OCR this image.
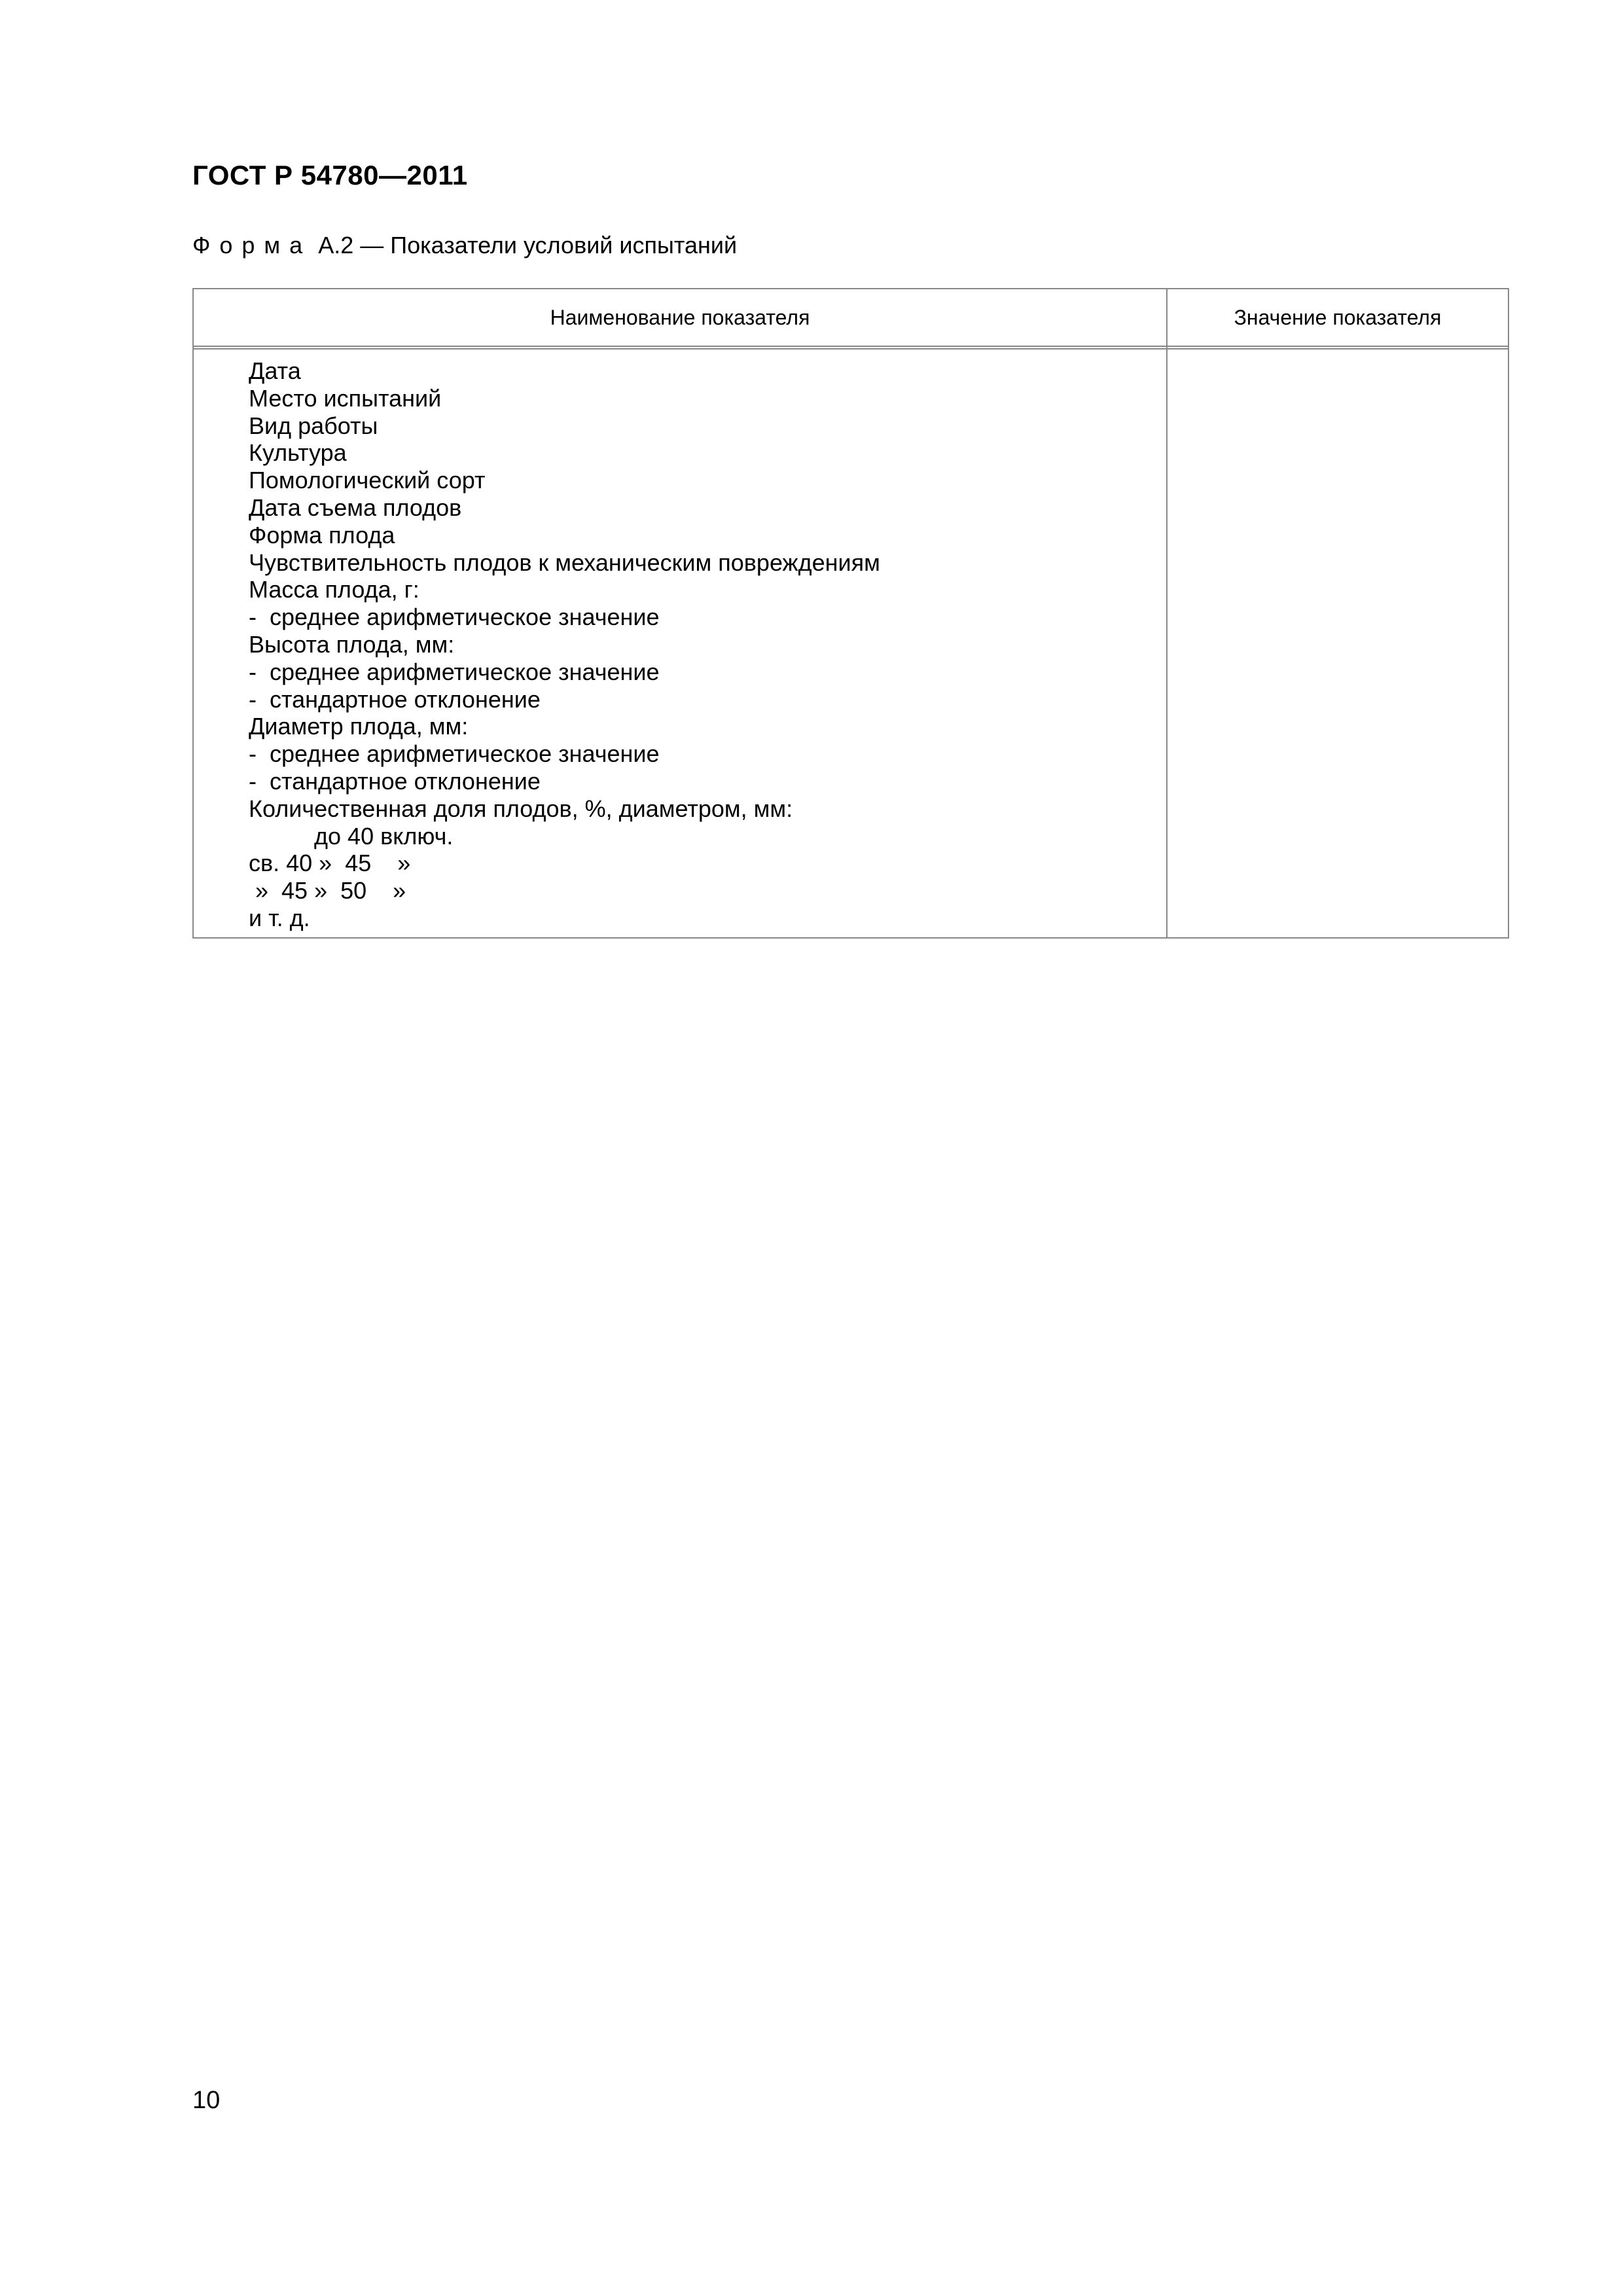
ГОСТ Р 54780—2011

Форма А.2 — Показатели условий испытаний

Наименование показателя	Значение показателя
Дата
Место испытаний
Вид работы
Культура
Помологический сорт
Дата съема плодов
Форма плода
Чувствительность плодов к механическим повреждениям
Масса плода, г:
-  среднее арифметическое значение
Высота плода, мм:
-  среднее арифметическое значение
-  стандартное отклонение
Диаметр плода, мм:
-  среднее арифметическое значение
-  стандартное отклонение
Количественная доля плодов, %, диаметром, мм:
до 40 включ.
св. 40 »  45    »
»  45 »  50    »
и т. д.

10
